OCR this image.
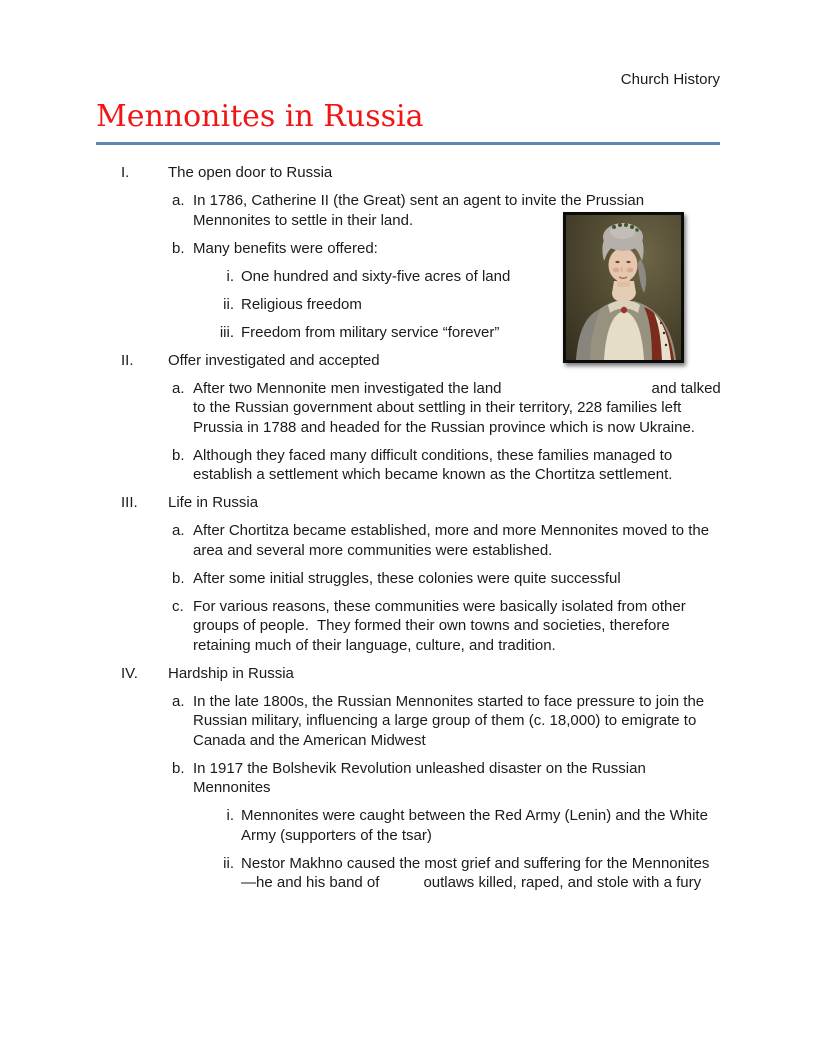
Church History
Mennonites in Russia
I.	The open door to Russia
a. In 1786, Catherine II (the Great) sent an agent to invite the Prussian Mennonites to settle in their land.
b. Many benefits were offered:
i. One hundred and sixty-five acres of land
ii. Religious freedom
iii. Freedom from military service “forever”
II.	Offer investigated and accepted
a. After two Mennonite men investigated the land	and talked to the Russian government about settling in their territory, 228 families left Prussia in 1788 and headed for the Russian province which is now Ukraine.
b. Although they faced many difficult conditions, these families managed to establish a settlement which became known as the Chortitza settlement.
III.	Life in Russia
a. After Chortitza became established, more and more Mennonites moved to the area and several more communities were established.
b. After some initial struggles, these colonies were quite successful
c. For various reasons, these communities were basically isolated from other groups of people.  They formed their own towns and societies, therefore retaining much of their language, culture, and tradition.
IV.	Hardship in Russia
a. In the late 1800s, the Russian Mennonites started to face pressure to join the Russian military, influencing a large group of them (c. 18,000) to emigrate to Canada and the American Midwest
b. In 1917 the Bolshevik Revolution unleashed disaster on the Russian Mennonites
i. Mennonites were caught between the Red Army (Lenin) and the White Army (supporters of the tsar)
ii. Nestor Makhno caused the most grief and suffering for the Mennonites—he and his band of	outlaws killed, raped, and stole with a fury
